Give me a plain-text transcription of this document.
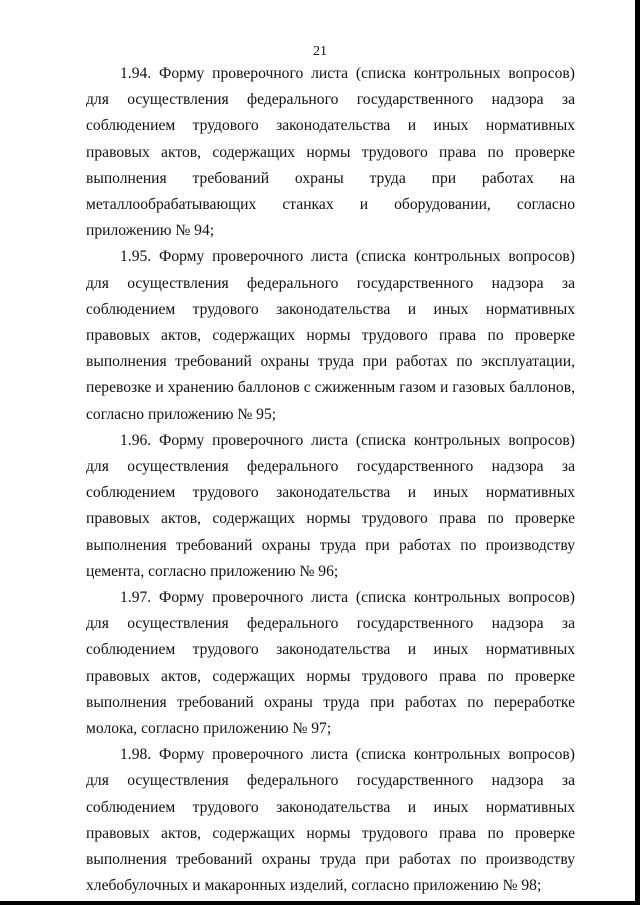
21

1.94. Форму проверочного листа (списка контрольных вопросов) для осуществления федерального государственного надзора за соблюдением трудового законодательства и иных нормативных правовых актов, содержащих нормы трудового права по проверке выполнения требований охраны труда при работах на металлообрабатывающих станках и оборудовании, согласно приложению № 94;

1.95. Форму проверочного листа (списка контрольных вопросов) для осуществления федерального государственного надзора за соблюдением трудового законодательства и иных нормативных правовых актов, содержащих нормы трудового права по проверке выполнения требований охраны труда при работах по эксплуатации, перевозке и хранению баллонов с сжиженным газом и газовых баллонов, согласно приложению № 95;

1.96. Форму проверочного листа (списка контрольных вопросов) для осуществления федерального государственного надзора за соблюдением трудового законодательства и иных нормативных правовых актов, содержащих нормы трудового права по проверке выполнения требований охраны труда при работах по производству цемента, согласно приложению № 96;

1.97. Форму проверочного листа (списка контрольных вопросов) для осуществления федерального государственного надзора за соблюдением трудового законодательства и иных нормативных правовых актов, содержащих нормы трудового права по проверке выполнения требований охраны труда при работах по переработке молока, согласно приложению № 97;

1.98. Форму проверочного листа (списка контрольных вопросов) для осуществления федерального государственного надзора за соблюдением трудового законодательства и иных нормативных правовых актов, содержащих нормы трудового права по проверке выполнения требований охраны труда при работах по производству хлебобулочных и макаронных изделий, согласно приложению № 98;
